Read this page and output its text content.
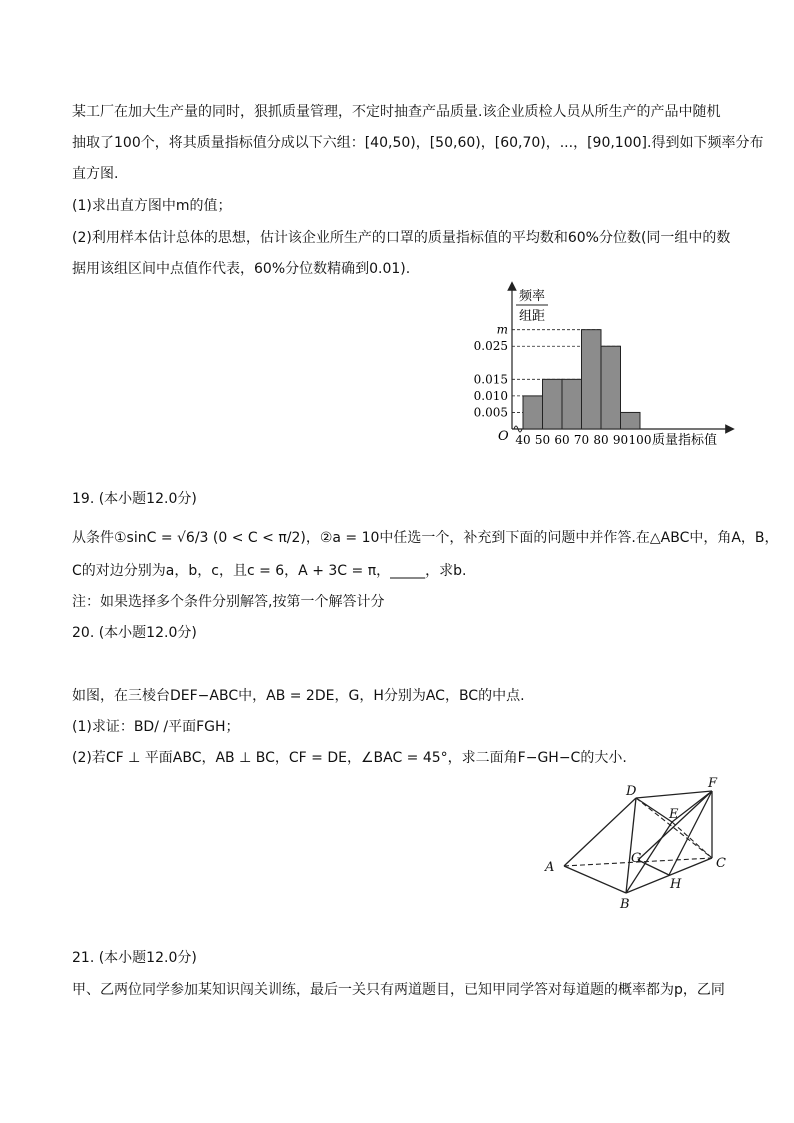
某工厂在加大生产量的同时，狠抓质量管理，不定时抽查产品质量.该企业质检人员从所生产的产品中随机
抽取了100个，将其质量指标值分成以下六组：[40,50)，[50,60)，[60,70)，...，[90,100].得到如下频率分布
直方图.
(1)求出直方图中m的值；
(2)利用样本估计总体的思想，估计该企业所生产的口罩的质量指标值的平均数和60%分位数(同一组中的数
据用该组区间中点值作代表，60%分位数精确到0.01).
0.005
0.010
0.015
0.025
m
40 50 60 70 80 90 100
频率
组距
O	质量指标值
19. (本小题12.0分)
从条件①sinC = √6/3 (0 < C < π/2)，②a = 10中任选一个，补充到下面的问题中并作答.在△ABC中，角A，B，
C的对边分别为a，b，c，且c = 6，A + 3C = π，_____，求b.
注：如果选择多个条件分别解答,按第一个解答计分
20. (本小题12.0分)
如图，在三棱台DEF−ABC中，AB = 2DE，G，H分别为AC，BC的中点.
(1)求证：BD/ /平面FGH；
(2)若CF ⊥ 平面ABC，AB ⊥ BC，CF = DE，∠BAC = 45°，求二面角F−GH−C的大小.
A
B
C
D
E
F
G
H
21. (本小题12.0分)
甲、乙两位同学参加某知识闯关训练，最后一关只有两道题目，已知甲同学答对每道题的概率都为p，乙同
